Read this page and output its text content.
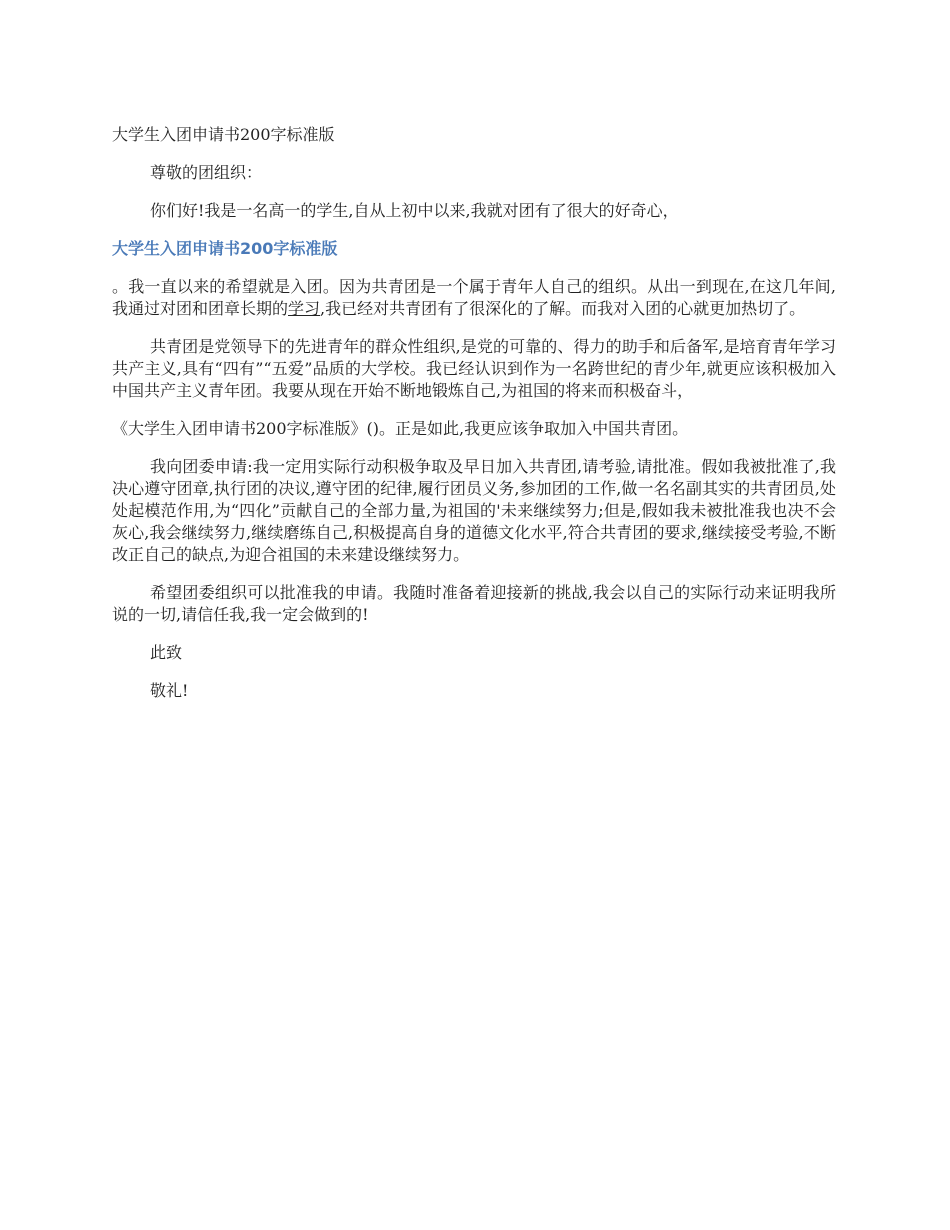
大学生入团申请书200字标准版

尊敬的团组织：

你们好!我是一名高一的学生,自从上初中以来,我就对团有了很大的好奇心，

大学生入团申请书200字标准版

。我一直以来的希望就是入团。因为共青团是一个属于青年人自己的组织。从出一到现在,在这几年间,我通过对团和团章长期的学习,我已经对共青团有了很深化的了解。而我对入团的心就更加热切了。

共青团是党领导下的先进青年的群众性组织,是党的可靠的、得力的助手和后备军,是培育青年学习共产主义,具有“四有”“五爱”品质的大学校。我已经认识到作为一名跨世纪的青少年,就更应该积极加入中国共产主义青年团。我要从现在开始不断地锻炼自己,为祖国的将来而积极奋斗，

《大学生入团申请书200字标准版》()。正是如此,我更应该争取加入中国共青团。

我向团委申请:我一定用实际行动积极争取及早日加入共青团,请考验,请批准。假如我被批准了,我决心遵守团章,执行团的决议,遵守团的纪律,履行团员义务,参加团的工作,做一名名副其实的共青团员,处处起模范作用,为“四化”贡献自己的全部力量,为祖国的'未来继续努力;但是,假如我未被批准我也决不会灰心,我会继续努力,继续磨练自己,积极提高自身的道德文化水平,符合共青团的要求,继续接受考验,不断改正自己的缺点,为迎合祖国的未来建设继续努力。

希望团委组织可以批准我的申请。我随时准备着迎接新的挑战,我会以自己的实际行动来证明我所说的一切,请信任我,我一定会做到的!

此致

敬礼!
